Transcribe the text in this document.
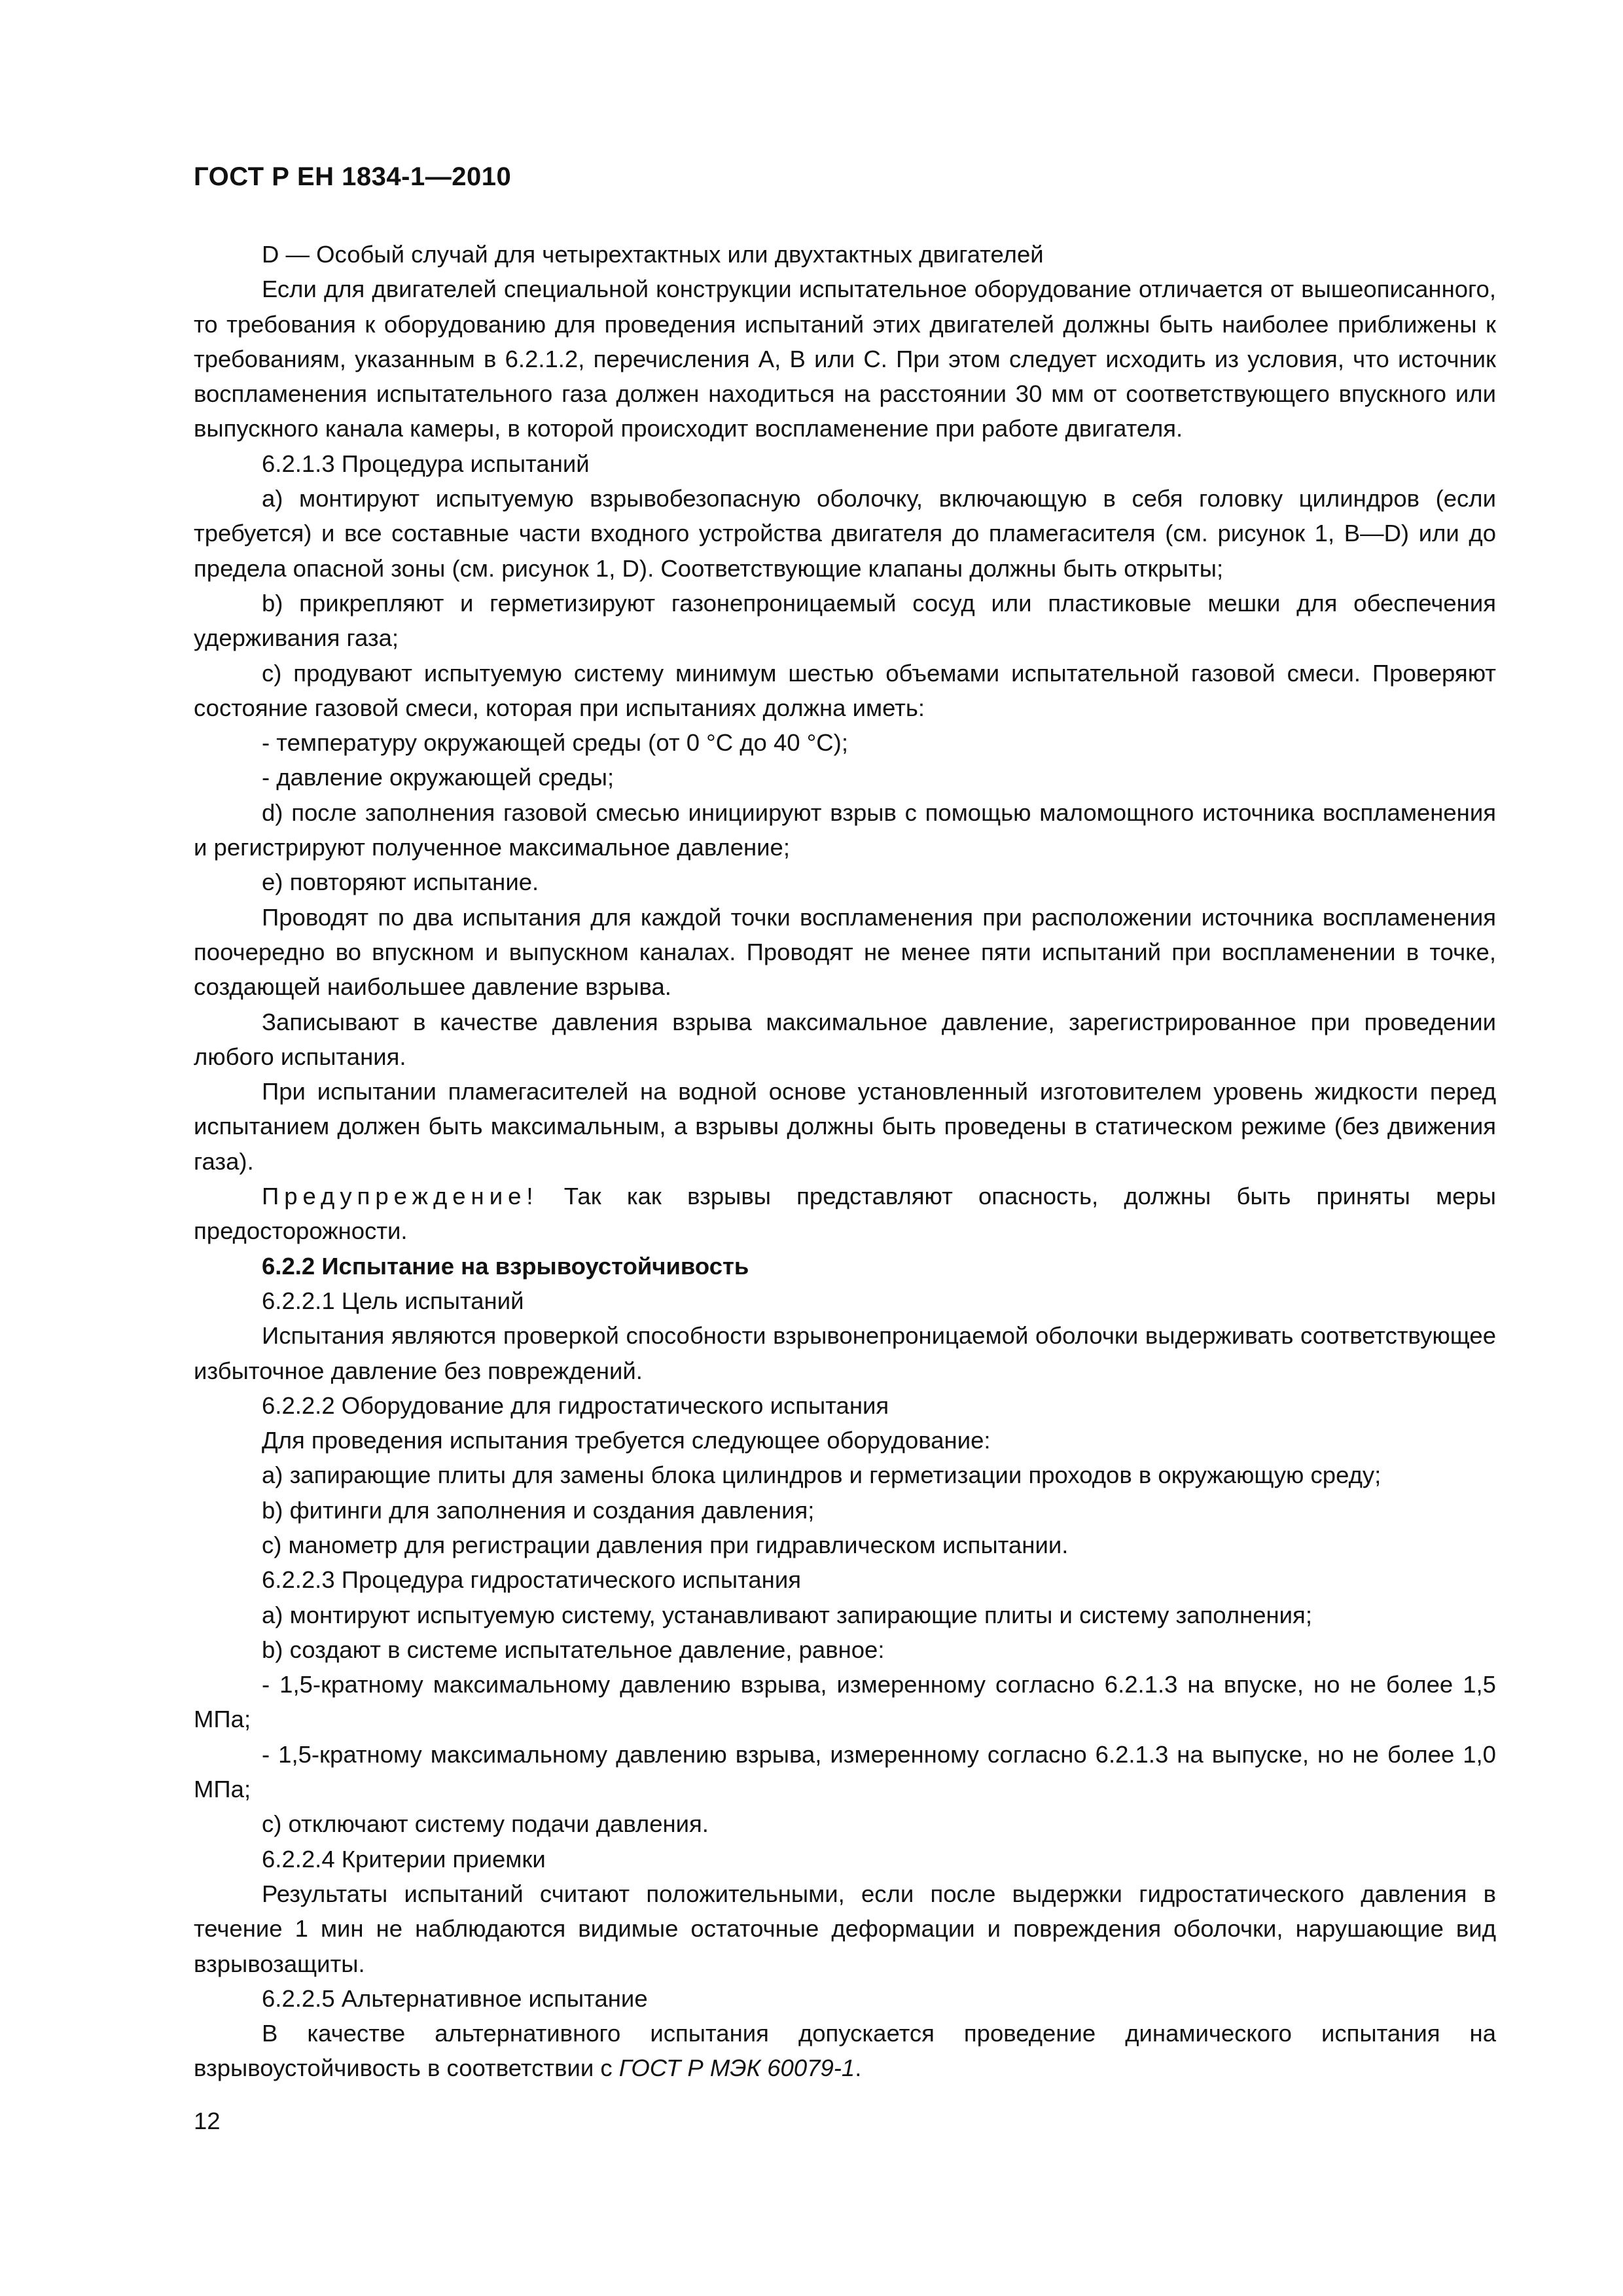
ГОСТ Р ЕН 1834-1—2010

D — Особый случай для четырехтактных или двухтактных двигателей

Если для двигателей специальной конструкции испытательное оборудование отличается от вышеописанного, то требования к оборудованию для проведения испытаний этих двигателей должны быть наиболее приближены к требованиям, указанным в 6.2.1.2, перечисления А, В или С. При этом следует исходить из условия, что источник воспламенения испытательного газа должен находиться на расстоянии 30 мм от соответствующего впускного или выпускного канала камеры, в которой происходит воспламенение при работе двигателя.

6.2.1.3 Процедура испытаний

а) монтируют испытуемую взрывобезопасную оболочку, включающую в себя головку цилиндров (если требуется) и все составные части входного устройства двигателя до пламегасителя (см. рисунок 1, В—D) или до предела опасной зоны (см. рисунок 1, D). Соответствующие клапаны должны быть открыты;

b) прикрепляют и герметизируют газонепроницаемый сосуд или пластиковые мешки для обеспечения удерживания газа;

с) продувают испытуемую систему минимум шестью объемами испытательной газовой смеси. Проверяют состояние газовой смеси, которая при испытаниях должна иметь:

- температуру окружающей среды (от 0 °С до 40 °С);

- давление окружающей среды;

d) после заполнения газовой смесью инициируют взрыв с помощью маломощного источника воспламенения и регистрируют полученное максимальное давление;

e) повторяют испытание.

Проводят по два испытания для каждой точки воспламенения при расположении источника воспламенения поочередно во впускном и выпускном каналах. Проводят не менее пяти испытаний при воспламенении в точке, создающей наибольшее давление взрыва.

Записывают в качестве давления взрыва максимальное давление, зарегистрированное при проведении любого испытания.

При испытании пламегасителей на водной основе установленный изготовителем уровень жидкости перед испытанием должен быть максимальным, а взрывы должны быть проведены в статическом режиме (без движения газа).

Предупреждение! Так как взрывы представляют опасность, должны быть приняты меры предосторожности.

6.2.2 Испытание на взрывоустойчивость

6.2.2.1 Цель испытаний

Испытания являются проверкой способности взрывонепроницаемой оболочки выдерживать соответствующее избыточное давление без повреждений.

6.2.2.2 Оборудование для гидростатического испытания

Для проведения испытания требуется следующее оборудование:

а) запирающие плиты для замены блока цилиндров и герметизации проходов в окружающую среду;

b) фитинги для заполнения и создания давления;

с) манометр для регистрации давления при гидравлическом испытании.

6.2.2.3 Процедура гидростатического испытания

а) монтируют испытуемую систему, устанавливают запирающие плиты и систему заполнения;

b) создают в системе испытательное давление, равное:

- 1,5-кратному максимальному давлению взрыва, измеренному согласно 6.2.1.3 на впуске, но не более 1,5 МПа;

- 1,5-кратному максимальному давлению взрыва, измеренному согласно 6.2.1.3 на выпуске, но не более 1,0 МПа;

с) отключают систему подачи давления.

6.2.2.4 Критерии приемки

Результаты испытаний считают положительными, если после выдержки гидростатического давления в течение 1 мин не наблюдаются видимые остаточные деформации и повреждения оболочки, нарушающие вид взрывозащиты.

6.2.2.5 Альтернативное испытание

В качестве альтернативного испытания допускается проведение динамического испытания на взрывоустойчивость в соответствии с ГОСТ Р МЭК 60079-1.

12
